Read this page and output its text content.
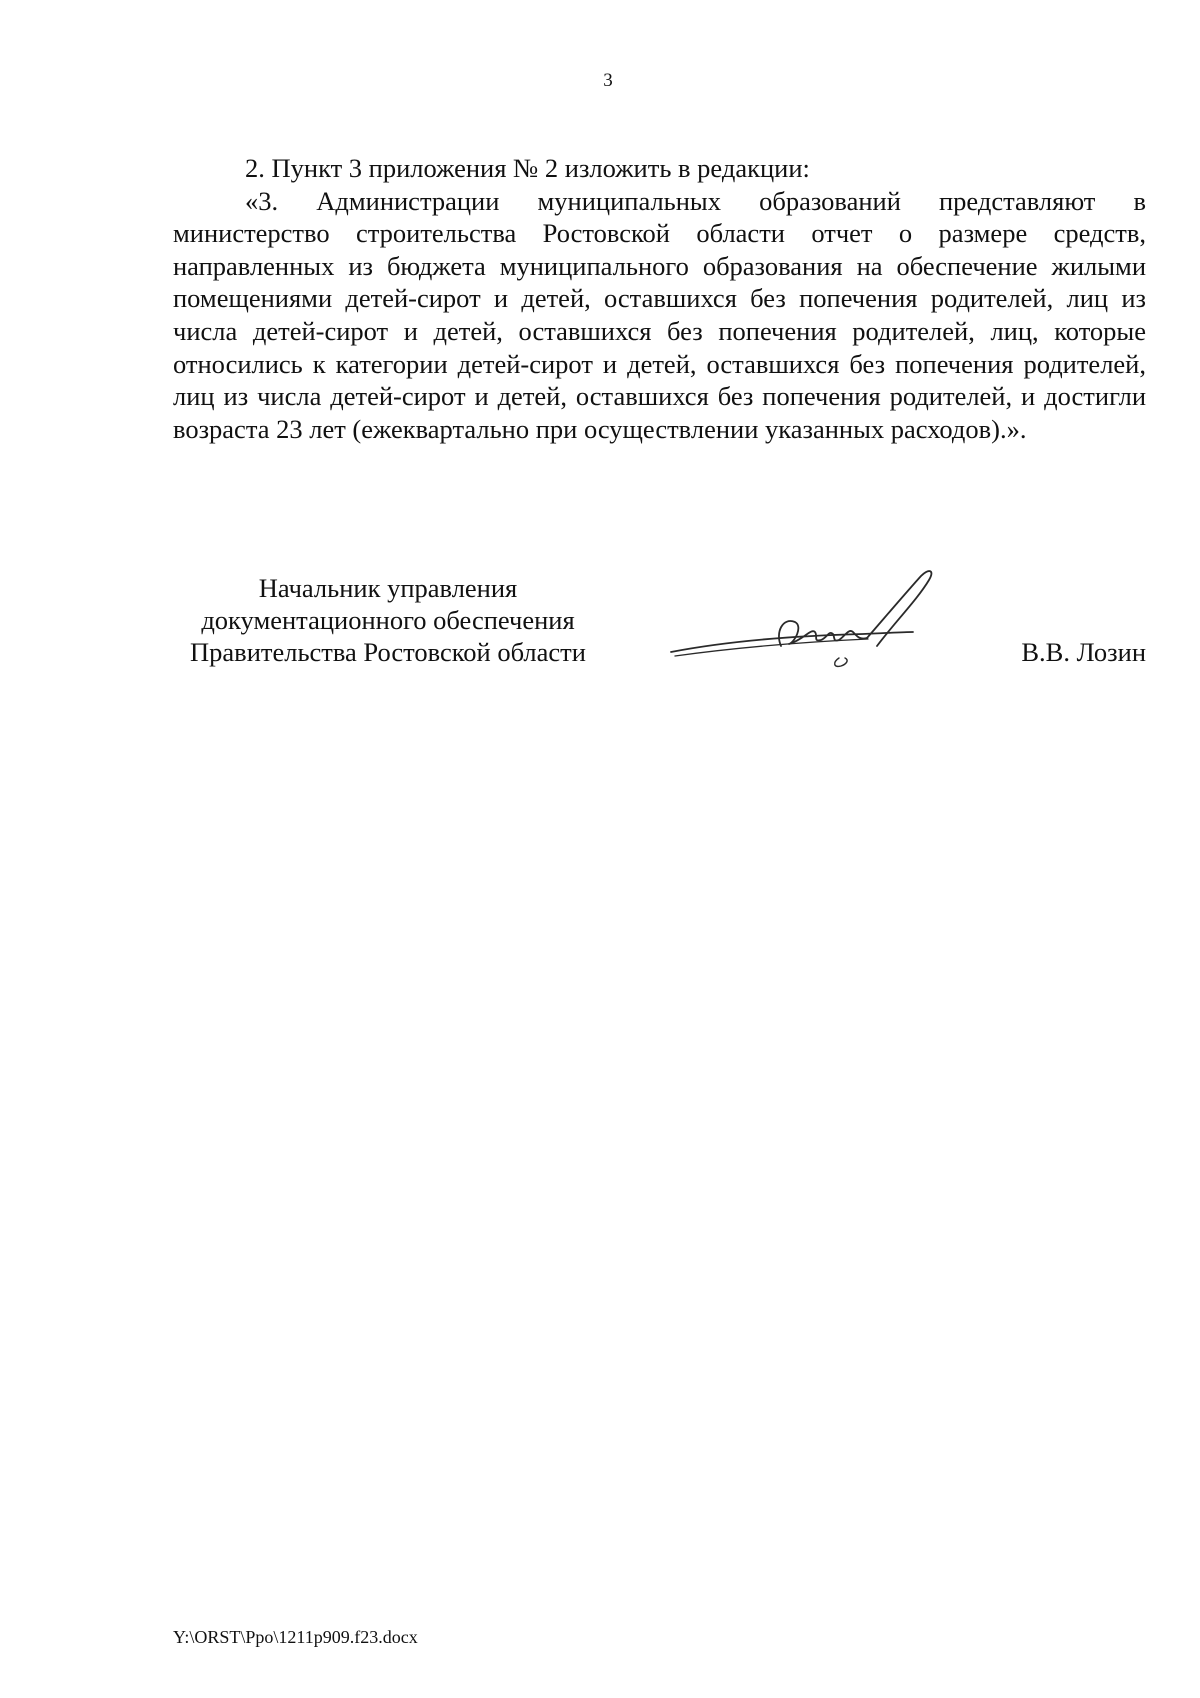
3

2. Пункт 3 приложения № 2 изложить в редакции:

«3. Администрации муниципальных образований представляют в министерство строительства Ростовской области отчет о размере средств, направленных из бюджета муниципального образования на обеспечение жилыми помещениями детей-сирот и детей, оставшихся без попечения родителей, лиц из числа детей-сирот и детей, оставшихся без попечения родителей, лиц, которые относились к категории детей-сирот и детей, оставшихся без попечения родителей, лиц из числа детей-сирот и детей, оставшихся без попечения родителей, и достигли возраста 23 лет (ежеквартально при осуществлении указанных расходов).».

Начальник управления
документационного обеспечения
Правительства Ростовской области	В.В. Лозин
Y:\ORST\Ppo\1211p909.f23.docx
